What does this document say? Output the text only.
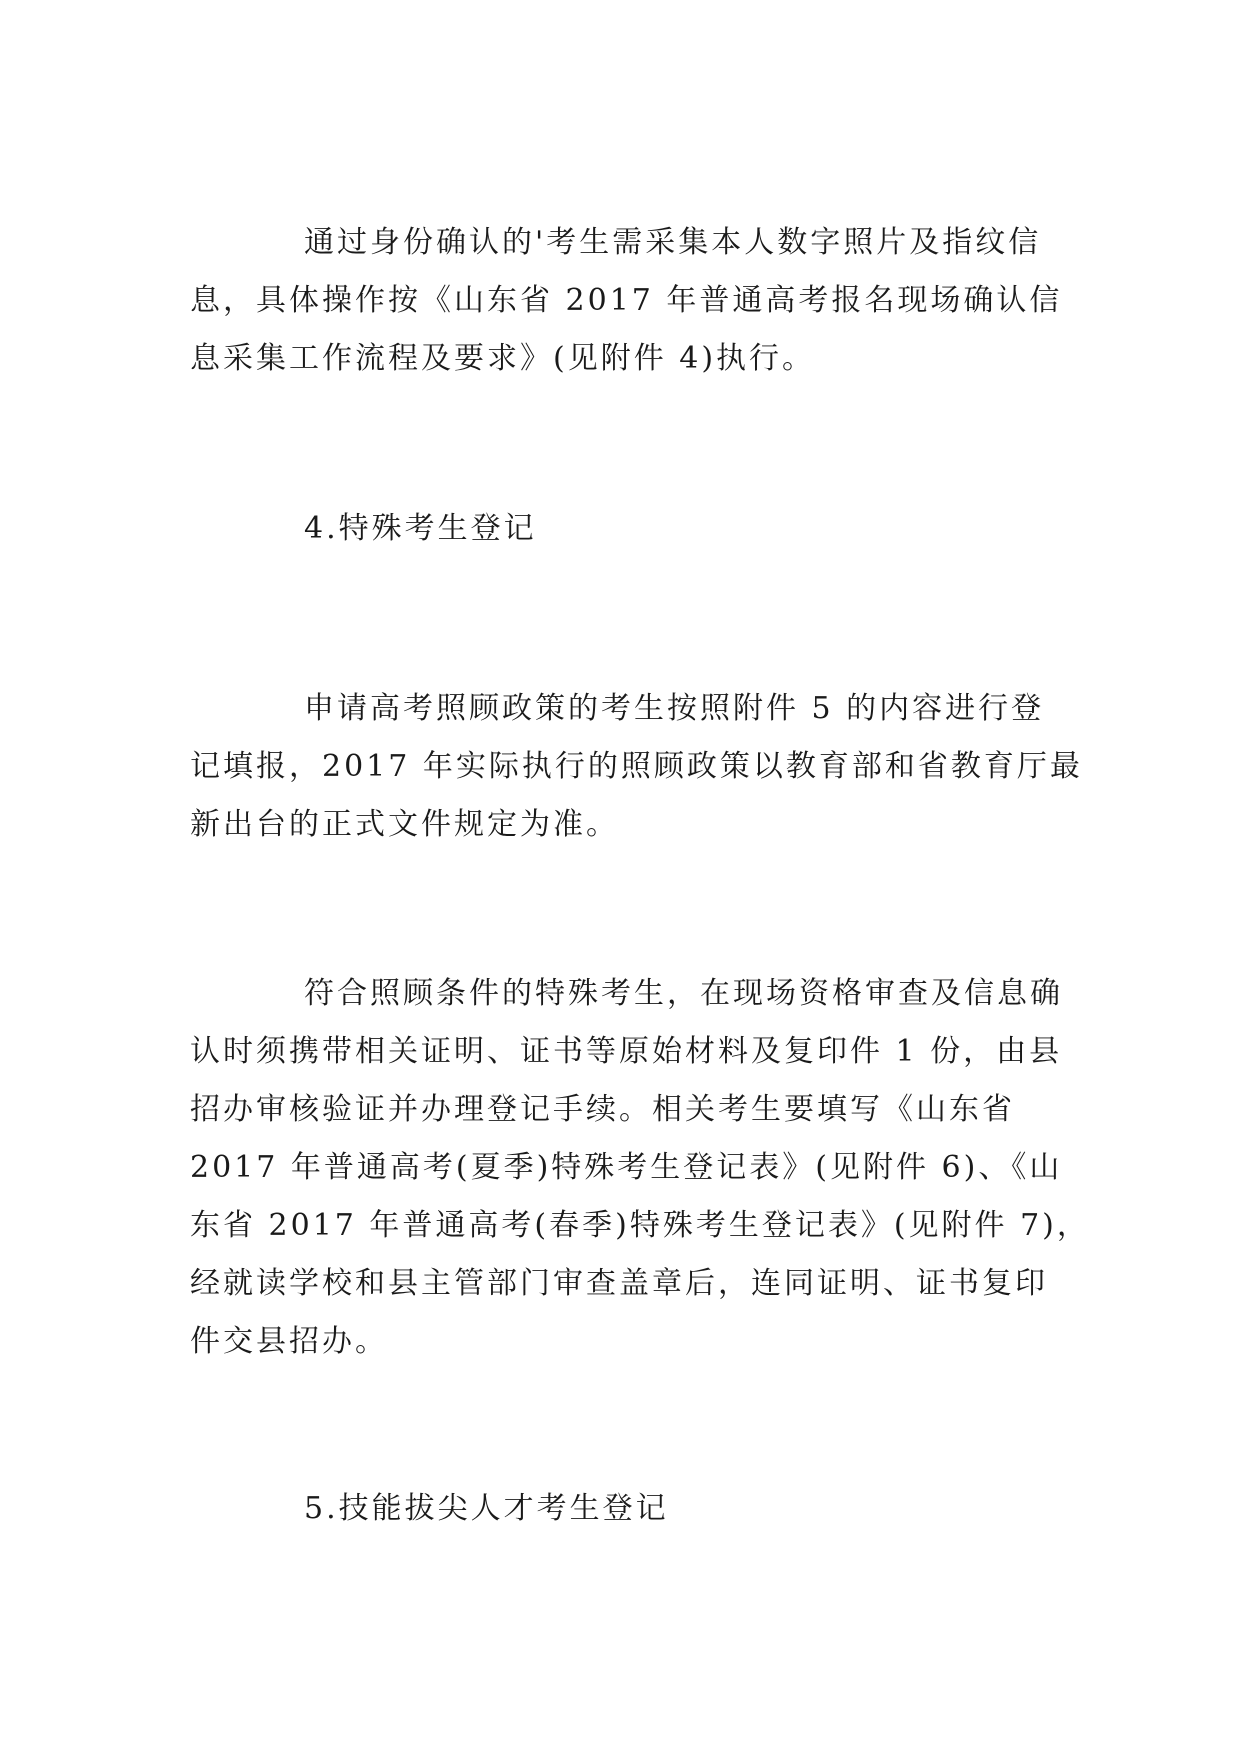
通过身份确认的'考生需采集本人数字照片及指纹信
息，具体操作按《山东省 2017 年普通高考报名现场确认信
息采集工作流程及要求》(见附件 4)执行。
4.特殊考生登记
申请高考照顾政策的考生按照附件 5 的内容进行登
记填报，2017 年实际执行的照顾政策以教育部和省教育厅最
新出台的正式文件规定为准。
符合照顾条件的特殊考生，在现场资格审查及信息确
认时须携带相关证明、证书等原始材料及复印件 1 份，由县
招办审核验证并办理登记手续。相关考生要填写《山东省
2017 年普通高考(夏季)特殊考生登记表》(见附件 6)、《山
东省 2017 年普通高考(春季)特殊考生登记表》(见附件 7)，
经就读学校和县主管部门审查盖章后，连同证明、证书复印
件交县招办。
5.技能拔尖人才考生登记
